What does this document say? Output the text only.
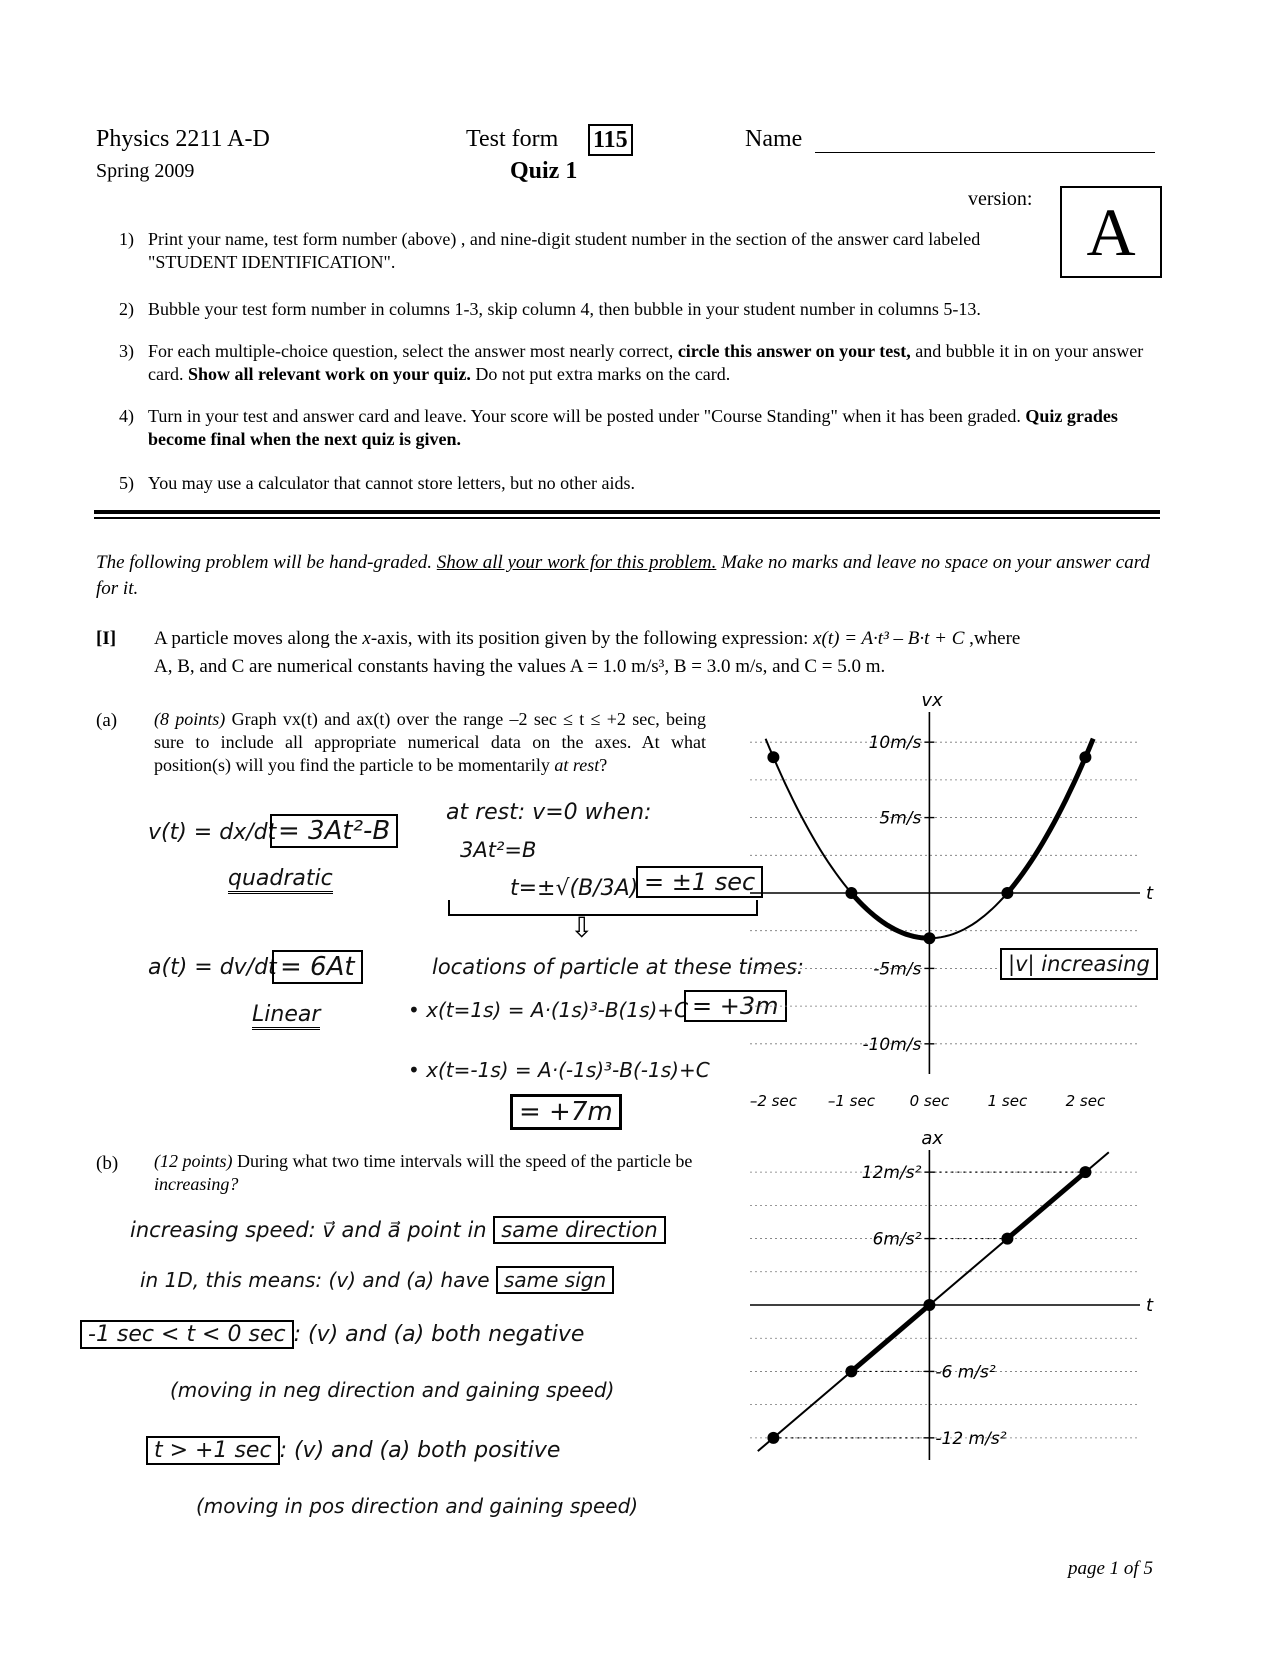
Physics 2211 A-D
Spring 2009
Test form 115
Quiz 1
Name
version: A
1) Print your name, test form number (above) , and nine-digit student number in the section of the answer card labeled "STUDENT IDENTIFICATION".
2) Bubble your test form number in columns 1-3, skip column 4, then bubble in your student number in columns 5-13.
3) For each multiple-choice question, select the answer most nearly correct, circle this answer on your test, and bubble it in on your answer card. Show all relevant work on your quiz. Do not put extra marks on the card.
4) Turn in your test and answer card and leave. Your score will be posted under "Course Standing" when it has been graded. Quiz grades become final when the next quiz is given.
5) You may use a calculator that cannot store letters, but no other aids.
The following problem will be hand-graded. Show all your work for this problem. Make no marks and leave no space on your answer card for it.
[I] A particle moves along the x-axis, with its position given by the following expression: x(t) = A·t³ – B·t + C ,where
A, B, and C are numerical constants having the values A = 1.0 m/s³, B = 3.0 m/s, and C = 5.0 m.
(a) (8 points) Graph vx(t) and ax(t) over the range –2 sec ≤ t ≤ +2 sec, being sure to include all appropriate numerical data on the axes. At what position(s) will you find the particle to be momentarily at rest?
v(t) = dx/dt = 3At²-B
quadratic
a(t) = dv/dt = 6At
Linear
at rest: v=0 when:
3At²=B
t=±√(B/3A) = ±1 sec
⇩
locations of particle at these times:
• x(t=1s) = A·(1s)³-B(1s)+C = +3m
• x(t=-1s) = A·(-1s)³-B(-1s)+C
= +7m
(b) (12 points) During what two time intervals will the speed of the particle be increasing?
increasing speed: v⃗ and a⃗ point in same direction
in 1D, this means: (v) and (a) have same sign
-1 sec < t < 0 sec : (v) and (a) both negative
(moving in neg direction and gaining speed)
t > +1 sec : (v) and (a) both positive
(moving in pos direction and gaining speed)
t
vx
10m/s
5m/s
-5m/s
-10m/s
–2 sec –1 sec 0 sec	1 sec	2 sec
|v| increasing
t
ax
12m/s²
6m/s²
-6 m/s²
-12 m/s²
page 1 of 5
